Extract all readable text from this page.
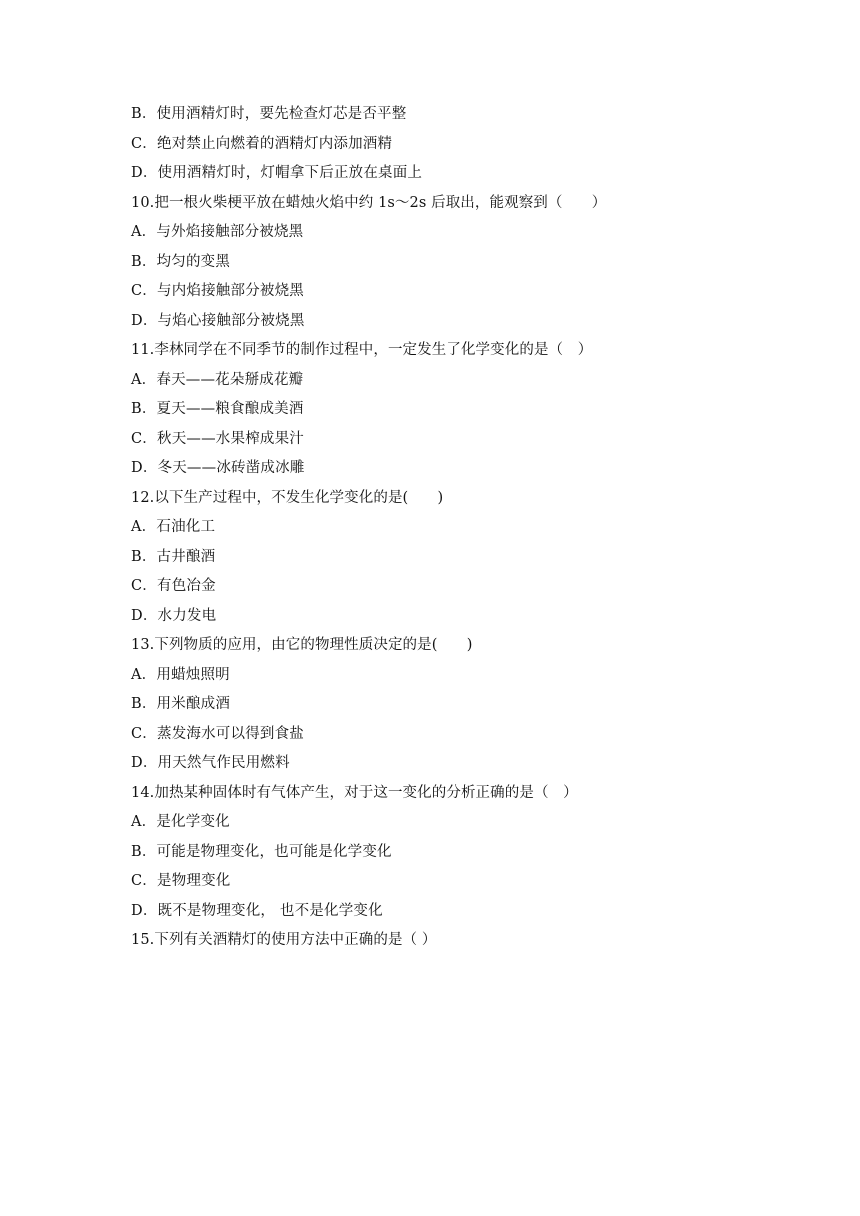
B．使用酒精灯时，要先检查灯芯是否平整
C．绝对禁止向燃着的酒精灯内添加酒精
D．使用酒精灯时，灯帽拿下后正放在桌面上
10.把一根火柴梗平放在蜡烛火焰中约 1s～2s 后取出，能观察到（　　）
A．与外焰接触部分被烧黑
B．均匀的变黑
C．与内焰接触部分被烧黑
D．与焰心接触部分被烧黑
11.李林同学在不同季节的制作过程中，一定发生了化学变化的是（　）
A．春天——花朵掰成花瓣
B．夏天——粮食酿成美酒
C．秋天——水果榨成果汁
D．冬天——冰砖凿成冰雕
12.以下生产过程中，不发生化学变化的是(　　)
A．石油化工
B．古井酿酒
C．有色冶金
D．水力发电
13.下列物质的应用，由它的物理性质决定的是(　　)
A．用蜡烛照明
B．用米酿成酒
C．蒸发海水可以得到食盐
D．用天然气作民用燃料
14.加热某种固体时有气体产生，对于这一变化的分析正确的是（　）
A．是化学变化
B．可能是物理变化，也可能是化学变化
C．是物理变化
D．既不是物理变化， 也不是化学变化
15.下列有关酒精灯的使用方法中正确的是（ ）
